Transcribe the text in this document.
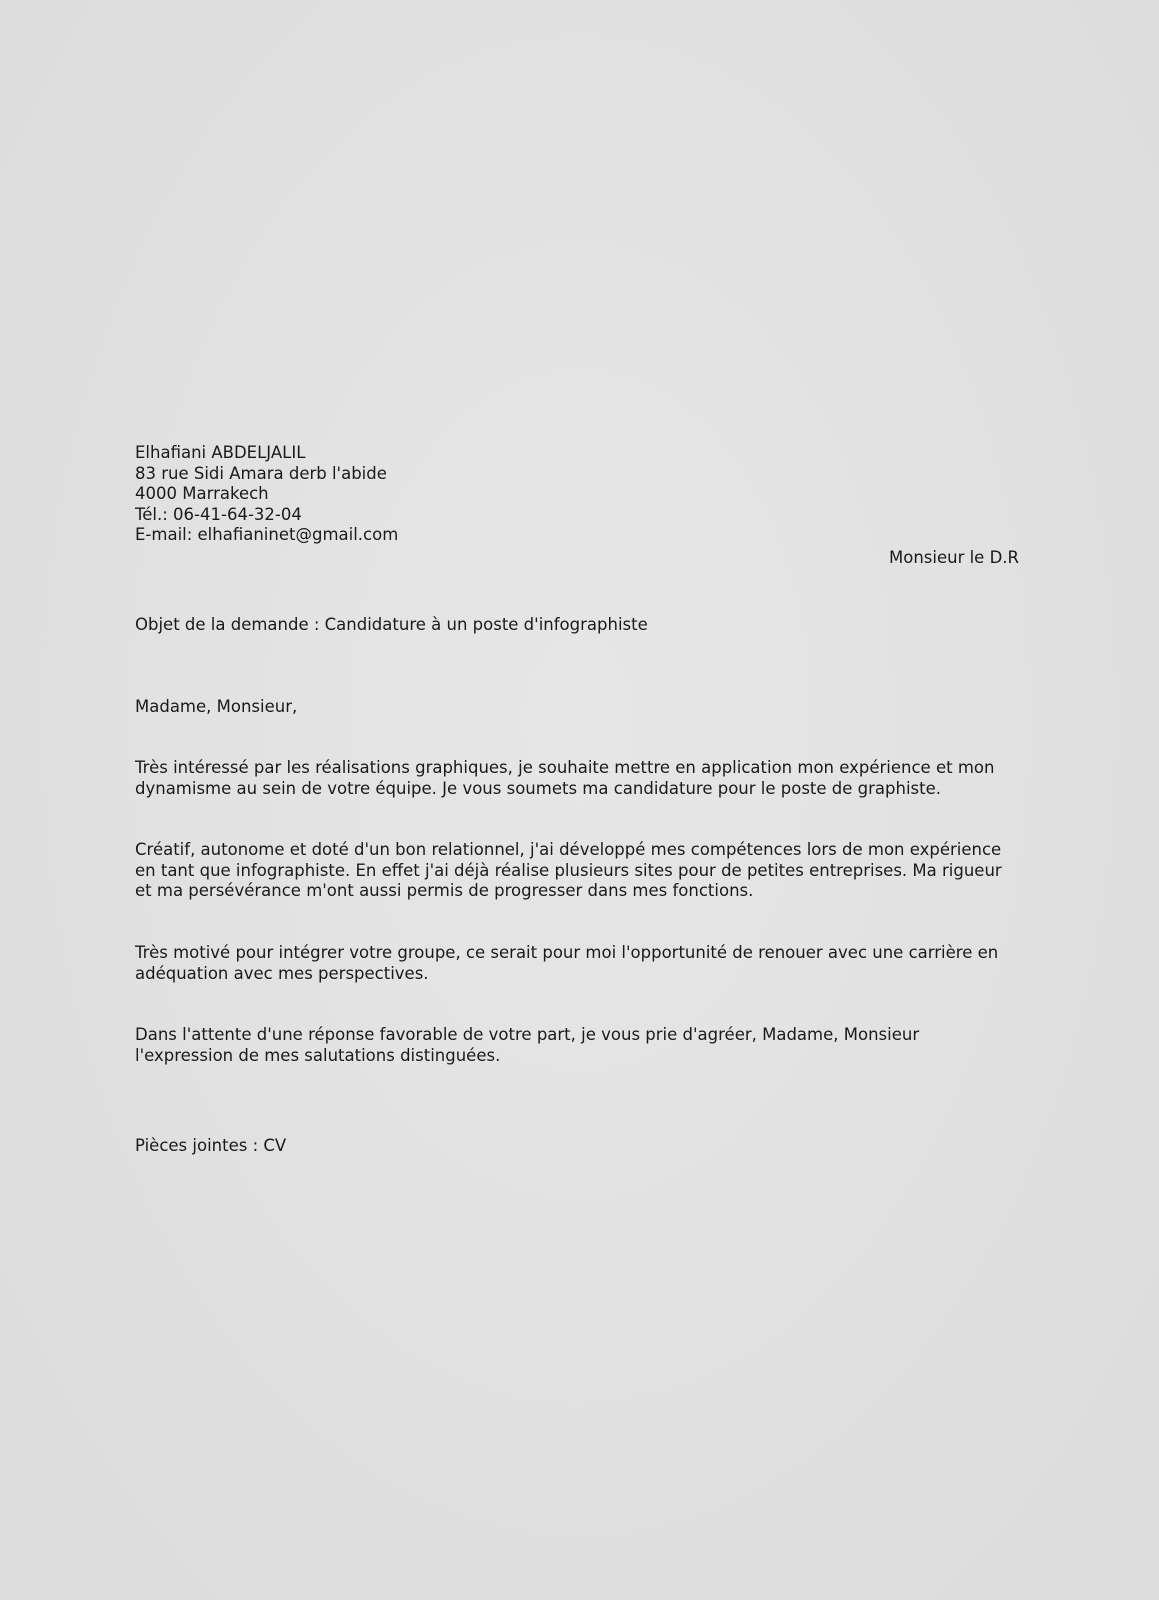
Elhafiani ABDELJALIL
83 rue Sidi Amara derb l'abide
4000 Marrakech
Tél.: 06-41-64-32-04
E-mail: elhafianinet@gmail.com
Monsieur le D.R
Objet de la demande : Candidature à un poste d'infographiste
Madame, Monsieur,
Très intéressé par les réalisations graphiques, je souhaite mettre en application mon expérience et mon
dynamisme au sein de votre équipe. Je vous soumets ma candidature pour le poste de graphiste.
Créatif, autonome et doté d'un bon relationnel, j'ai développé mes compétences lors de mon expérience
en tant que infographiste. En effet j'ai déjà réalise plusieurs sites pour de petites entreprises. Ma rigueur
et ma persévérance m'ont aussi permis de progresser dans mes fonctions.
Très motivé pour intégrer votre groupe, ce serait pour moi l'opportunité de renouer avec une carrière en
adéquation avec mes perspectives.
Dans l'attente d'une réponse favorable de votre part, je vous prie d'agréer, Madame, Monsieur
l'expression de mes salutations distinguées.
Pièces jointes : CV
